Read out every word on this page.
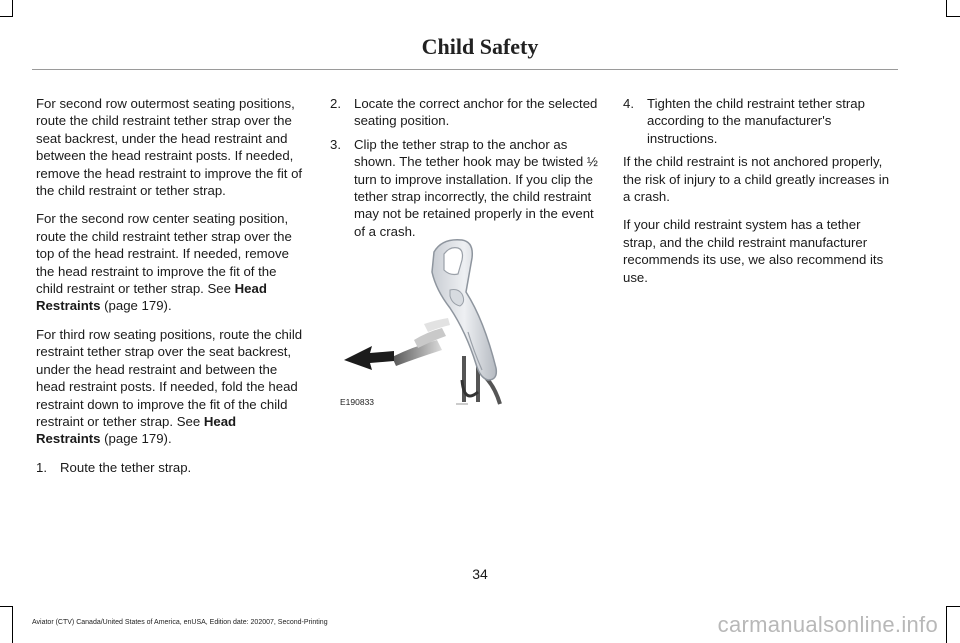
Child Safety

For second row outermost seating positions, route the child restraint tether strap over the seat backrest, under the head restraint and between the head restraint posts. If needed, remove the head restraint to improve the fit of the child restraint or tether strap.

For the second row center seating position, route the child restraint tether strap over the top of the head restraint. If needed, remove the head restraint to improve the fit of the child restraint or tether strap. See Head Restraints (page 179).

For third row seating positions, route the child restraint tether strap over the seat backrest, under the head restraint and between the head restraint posts. If needed, fold the head restraint down to improve the fit of the child restraint or tether strap. See Head Restraints (page 179).

1. Route the tether strap.
2. Locate the correct anchor for the selected seating position.
3. Clip the tether strap to the anchor as shown. The tether hook may be twisted ½ turn to improve installation. If you clip the tether strap incorrectly, the child restraint may not be retained properly in the event of a crash.
E190833
4. Tighten the child restraint tether strap according to the manufacturer's instructions.

If the child restraint is not anchored properly, the risk of injury to a child greatly increases in a crash.

If your child restraint system has a tether strap, and the child restraint manufacturer recommends its use, we also recommend its use.

34
Aviator (CTV) Canada/United States of America, enUSA, Edition date: 202007, Second-Printing	carmanualsonline.info
